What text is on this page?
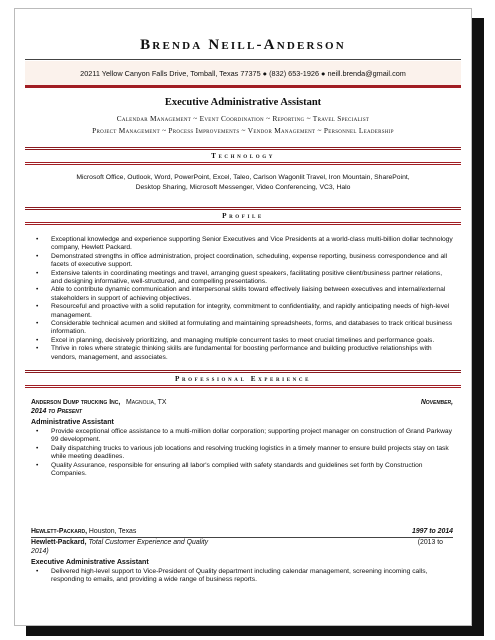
Brenda Neill-Anderson
20211 Yellow Canyon Falls Drive, Tomball, Texas 77375 ● (832) 653-1926 ● neill.brenda@gmail.com
Executive Administrative Assistant
Calendar Management ~ Event Coordination ~ Reporting ~ Travel Specialist
Project Management ~ Process Improvements ~ Vendor Management ~ Personnel Leadership
Technology
Microsoft Office, Outlook, Word, PowerPoint, Excel, Taleo, Carlson Wagonlit Travel, Iron Mountain, SharePoint,
Desktop Sharing, Microsoft Messenger, Video Conferencing, VC3, Halo
Profile
• Exceptional knowledge and experience supporting Senior Executives and Vice Presidents at a world-class multi-billion dollar technology company, Hewlett Packard.
• Demonstrated strengths in office administration, project coordination, scheduling, expense reporting, business correspondence and all facets of executive support.
• Extensive talents in coordinating meetings and travel, arranging guest speakers, facilitating positive client/business partner relations, and designing informative, well-structured, and compelling presentations.
• Able to contribute dynamic communication and interpersonal skills toward effectively liaising between executives and internal/external stakeholders in support of achieving objectives.
• Resourceful and proactive with a solid reputation for integrity, commitment to confidentiality, and rapidly anticipating needs of high-level management.
• Considerable technical acumen and skilled at formulating and maintaining spreadsheets, forms, and databases to track critical business information.
• Excel in planning, decisively prioritizing, and managing multiple concurrent tasks to meet crucial timelines and performance goals.
• Thrive in roles where strategic thinking skills are fundamental for boosting performance and building productive relationships with vendors, management, and associates.
Professional Experience
Anderson Dump trucking Inc, Magnolia, TX	November,
2014 to Present
Administrative Assistant
• Provide exceptional office assistance to a multi-million dollar corporation; supporting project manager on construction of Grand Parkway 99 development.
• Daily dispatching trucks to various job locations and resolving trucking logistics in a timely manner to ensure build projects stay on task while meeting deadlines.
• Quality Assurance, responsible for ensuring all labor's complied with safety standards and guidelines set forth by Construction Companies.
Hewlett-Packard, Houston, Texas	1997 to 2014
Hewlett-Packard, Total Customer Experience and Quality	(2013 to
2014)
Executive Administrative Assistant
• Delivered high-level support to Vice-President of Quality department including calendar management, screening incoming calls, responding to emails, and providing a wide range of business reports.
